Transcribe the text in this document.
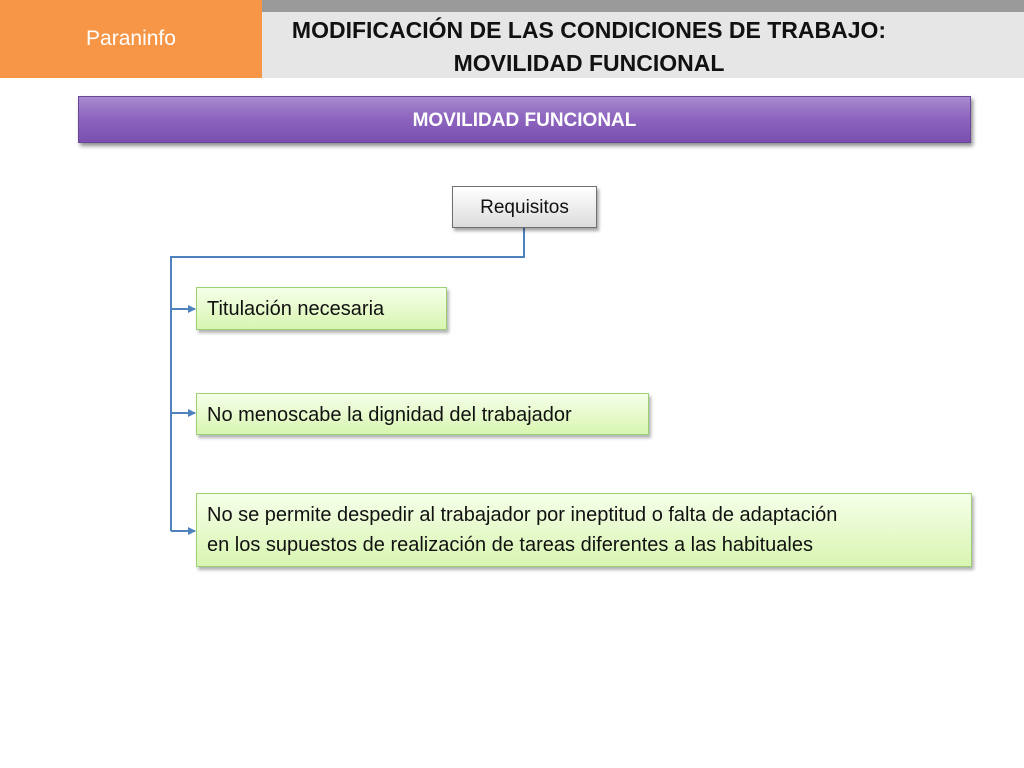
Paraninfo	MODIFICACIÓN DE LAS CONDICIONES DE TRABAJO:
MOVILIDAD FUNCIONAL
MOVILIDAD FUNCIONAL
Requisitos
Titulación necesaria
No menoscabe la dignidad del trabajador
No se permite despedir al trabajador por ineptitud o falta de adaptación
en los supuestos de realización de tareas diferentes a las habituales
